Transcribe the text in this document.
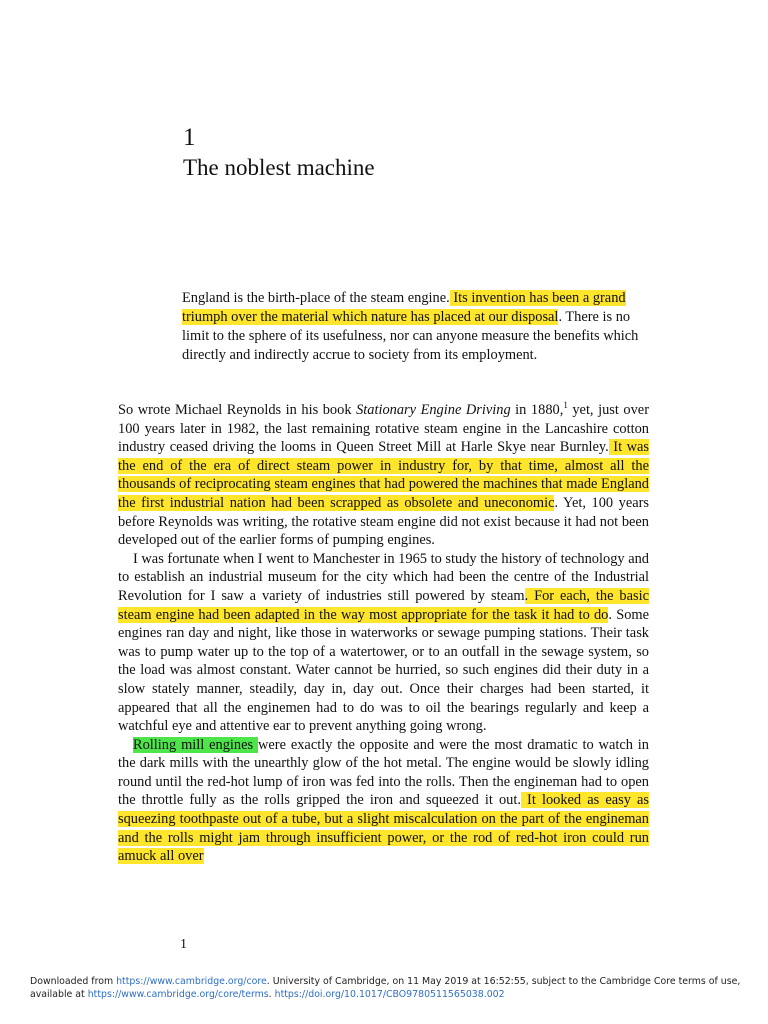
1
The noblest machine

England is the birth-place of the steam engine. Its invention has been a grand triumph over the material which nature has placed at our disposal. There is no limit to the sphere of its usefulness, nor can anyone measure the benefits which directly and indirectly accrue to society from its employment.

So wrote Michael Reynolds in his book Stationary Engine Driving in 1880,$^1$ yet, just over 100 years later in 1982, the last remaining rotative steam engine in the Lancashire cotton industry ceased driving the looms in Queen Street Mill at Harle Skye near Burnley. It was the end of the era of direct steam power in industry for, by that time, almost all the thousands of reciprocating steam engines that had powered the machines that made England the first industrial nation had been scrapped as obsolete and uneconomic. Yet, 100 years before Reynolds was writing, the rotative steam engine did not exist because it had not been developed out of the earlier forms of pumping engines.

I was fortunate when I went to Manchester in 1965 to study the history of technology and to establish an industrial museum for the city which had been the centre of the Industrial Revolution for I saw a variety of industries still powered by steam. For each, the basic steam engine had been adapted in the way most appropriate for the task it had to do. Some engines ran day and night, like those in waterworks or sewage pumping stations. Their task was to pump water up to the top of a watertower, or to an outfall in the sewage system, so the load was almost constant. Water cannot be hurried, so such engines did their duty in a slow stately manner, steadily, day in, day out. Once their charges had been started, it appeared that all the enginemen had to do was to oil the bearings regularly and keep a watchful eye and attentive ear to prevent anything going wrong.

Rolling mill engines were exactly the opposite and were the most dramatic to watch in the dark mills with the unearthly glow of the hot metal. The engine would be slowly idling round until the red-hot lump of iron was fed into the rolls. Then the engineman had to open the throttle fully as the rolls gripped the iron and squeezed it out. It looked as easy as squeezing toothpaste out of a tube, but a slight miscalculation on the part of the engineman and the rolls might jam through insufficient power, or the rod of red-hot iron could run amuck all over

1
Downloaded from https://www.cambridge.org/core. University of Cambridge, on 11 May 2019 at 16:52:55, subject to the Cambridge Core terms of use, available at https://www.cambridge.org/core/terms. https://doi.org/10.1017/CBO9780511565038.002
